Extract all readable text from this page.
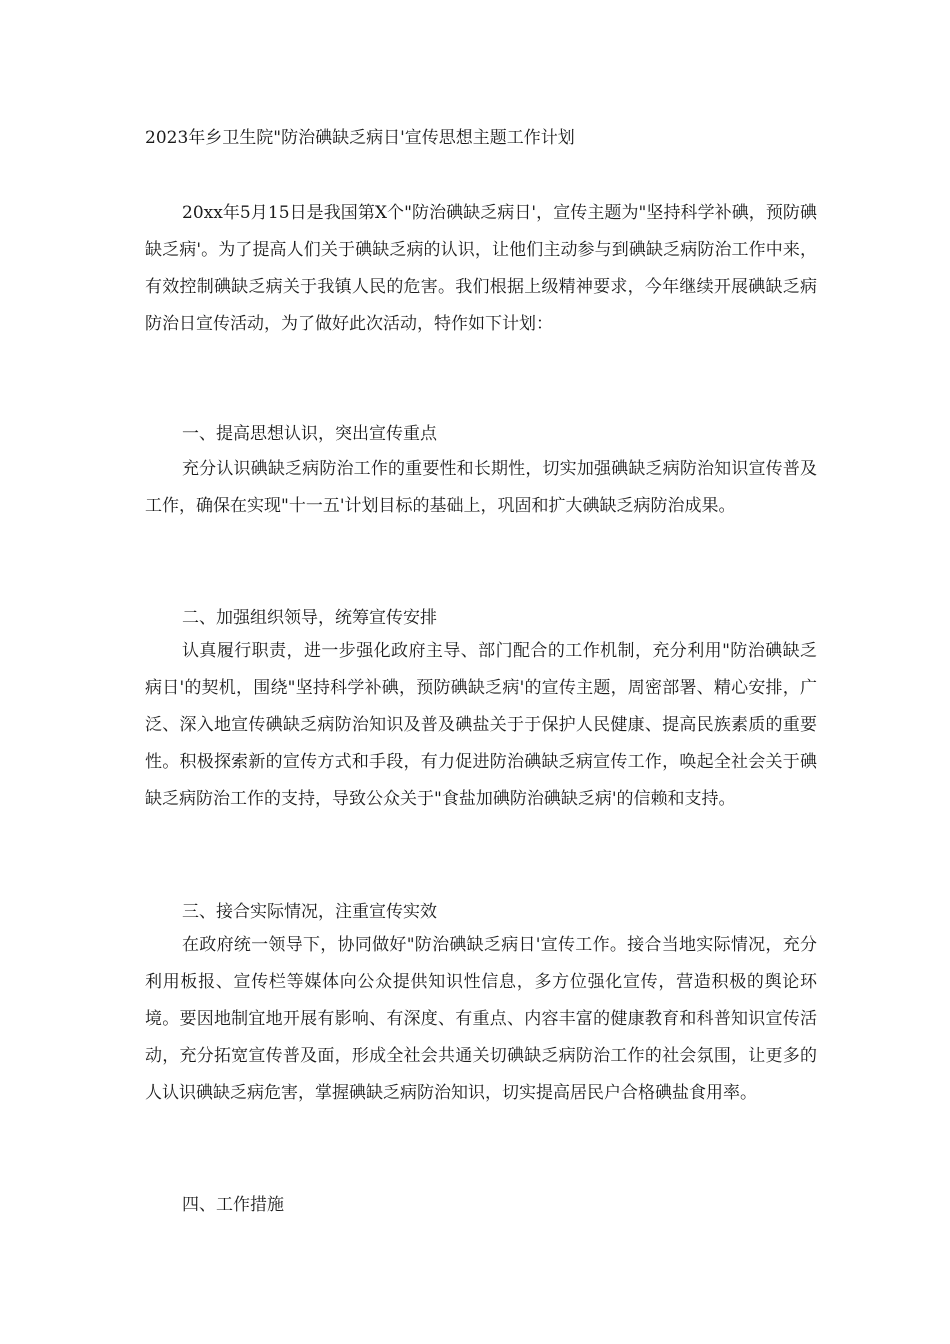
2023年乡卫生院"防治碘缺乏病日'宣传思想主题工作计划

20xx年5月15日是我国第X个"防治碘缺乏病日'，宣传主题为"坚持科学补碘，预防碘缺乏病'。为了提高人们关于碘缺乏病的认识，让他们主动参与到碘缺乏病防治工作中来，有效控制碘缺乏病关于我镇人民的危害。我们根据上级精神要求，今年继续开展碘缺乏病防治日宣传活动，为了做好此次活动，特作如下计划：

一、提高思想认识，突出宣传重点

充分认识碘缺乏病防治工作的重要性和长期性，切实加强碘缺乏病防治知识宣传普及工作，确保在实现"十一五'计划目标的基础上，巩固和扩大碘缺乏病防治成果。

二、加强组织领导，统筹宣传安排

认真履行职责，进一步强化政府主导、部门配合的工作机制，充分利用"防治碘缺乏病日'的契机，围绕"坚持科学补碘，预防碘缺乏病'的宣传主题，周密部署、精心安排，广泛、深入地宣传碘缺乏病防治知识及普及碘盐关于于保护人民健康、提高民族素质的重要性。积极探索新的宣传方式和手段，有力促进防治碘缺乏病宣传工作，唤起全社会关于碘缺乏病防治工作的支持，导致公众关于"食盐加碘防治碘缺乏病'的信赖和支持。

三、接合实际情况，注重宣传实效

在政府统一领导下，协同做好"防治碘缺乏病日'宣传工作。接合当地实际情况，充分利用板报、宣传栏等媒体向公众提供知识性信息，多方位强化宣传，营造积极的舆论环境。要因地制宜地开展有影响、有深度、有重点、内容丰富的健康教育和科普知识宣传活动，充分拓宽宣传普及面，形成全社会共通关切碘缺乏病防治工作的社会氛围，让更多的人认识碘缺乏病危害，掌握碘缺乏病防治知识，切实提高居民户合格碘盐食用率。

四、工作措施
